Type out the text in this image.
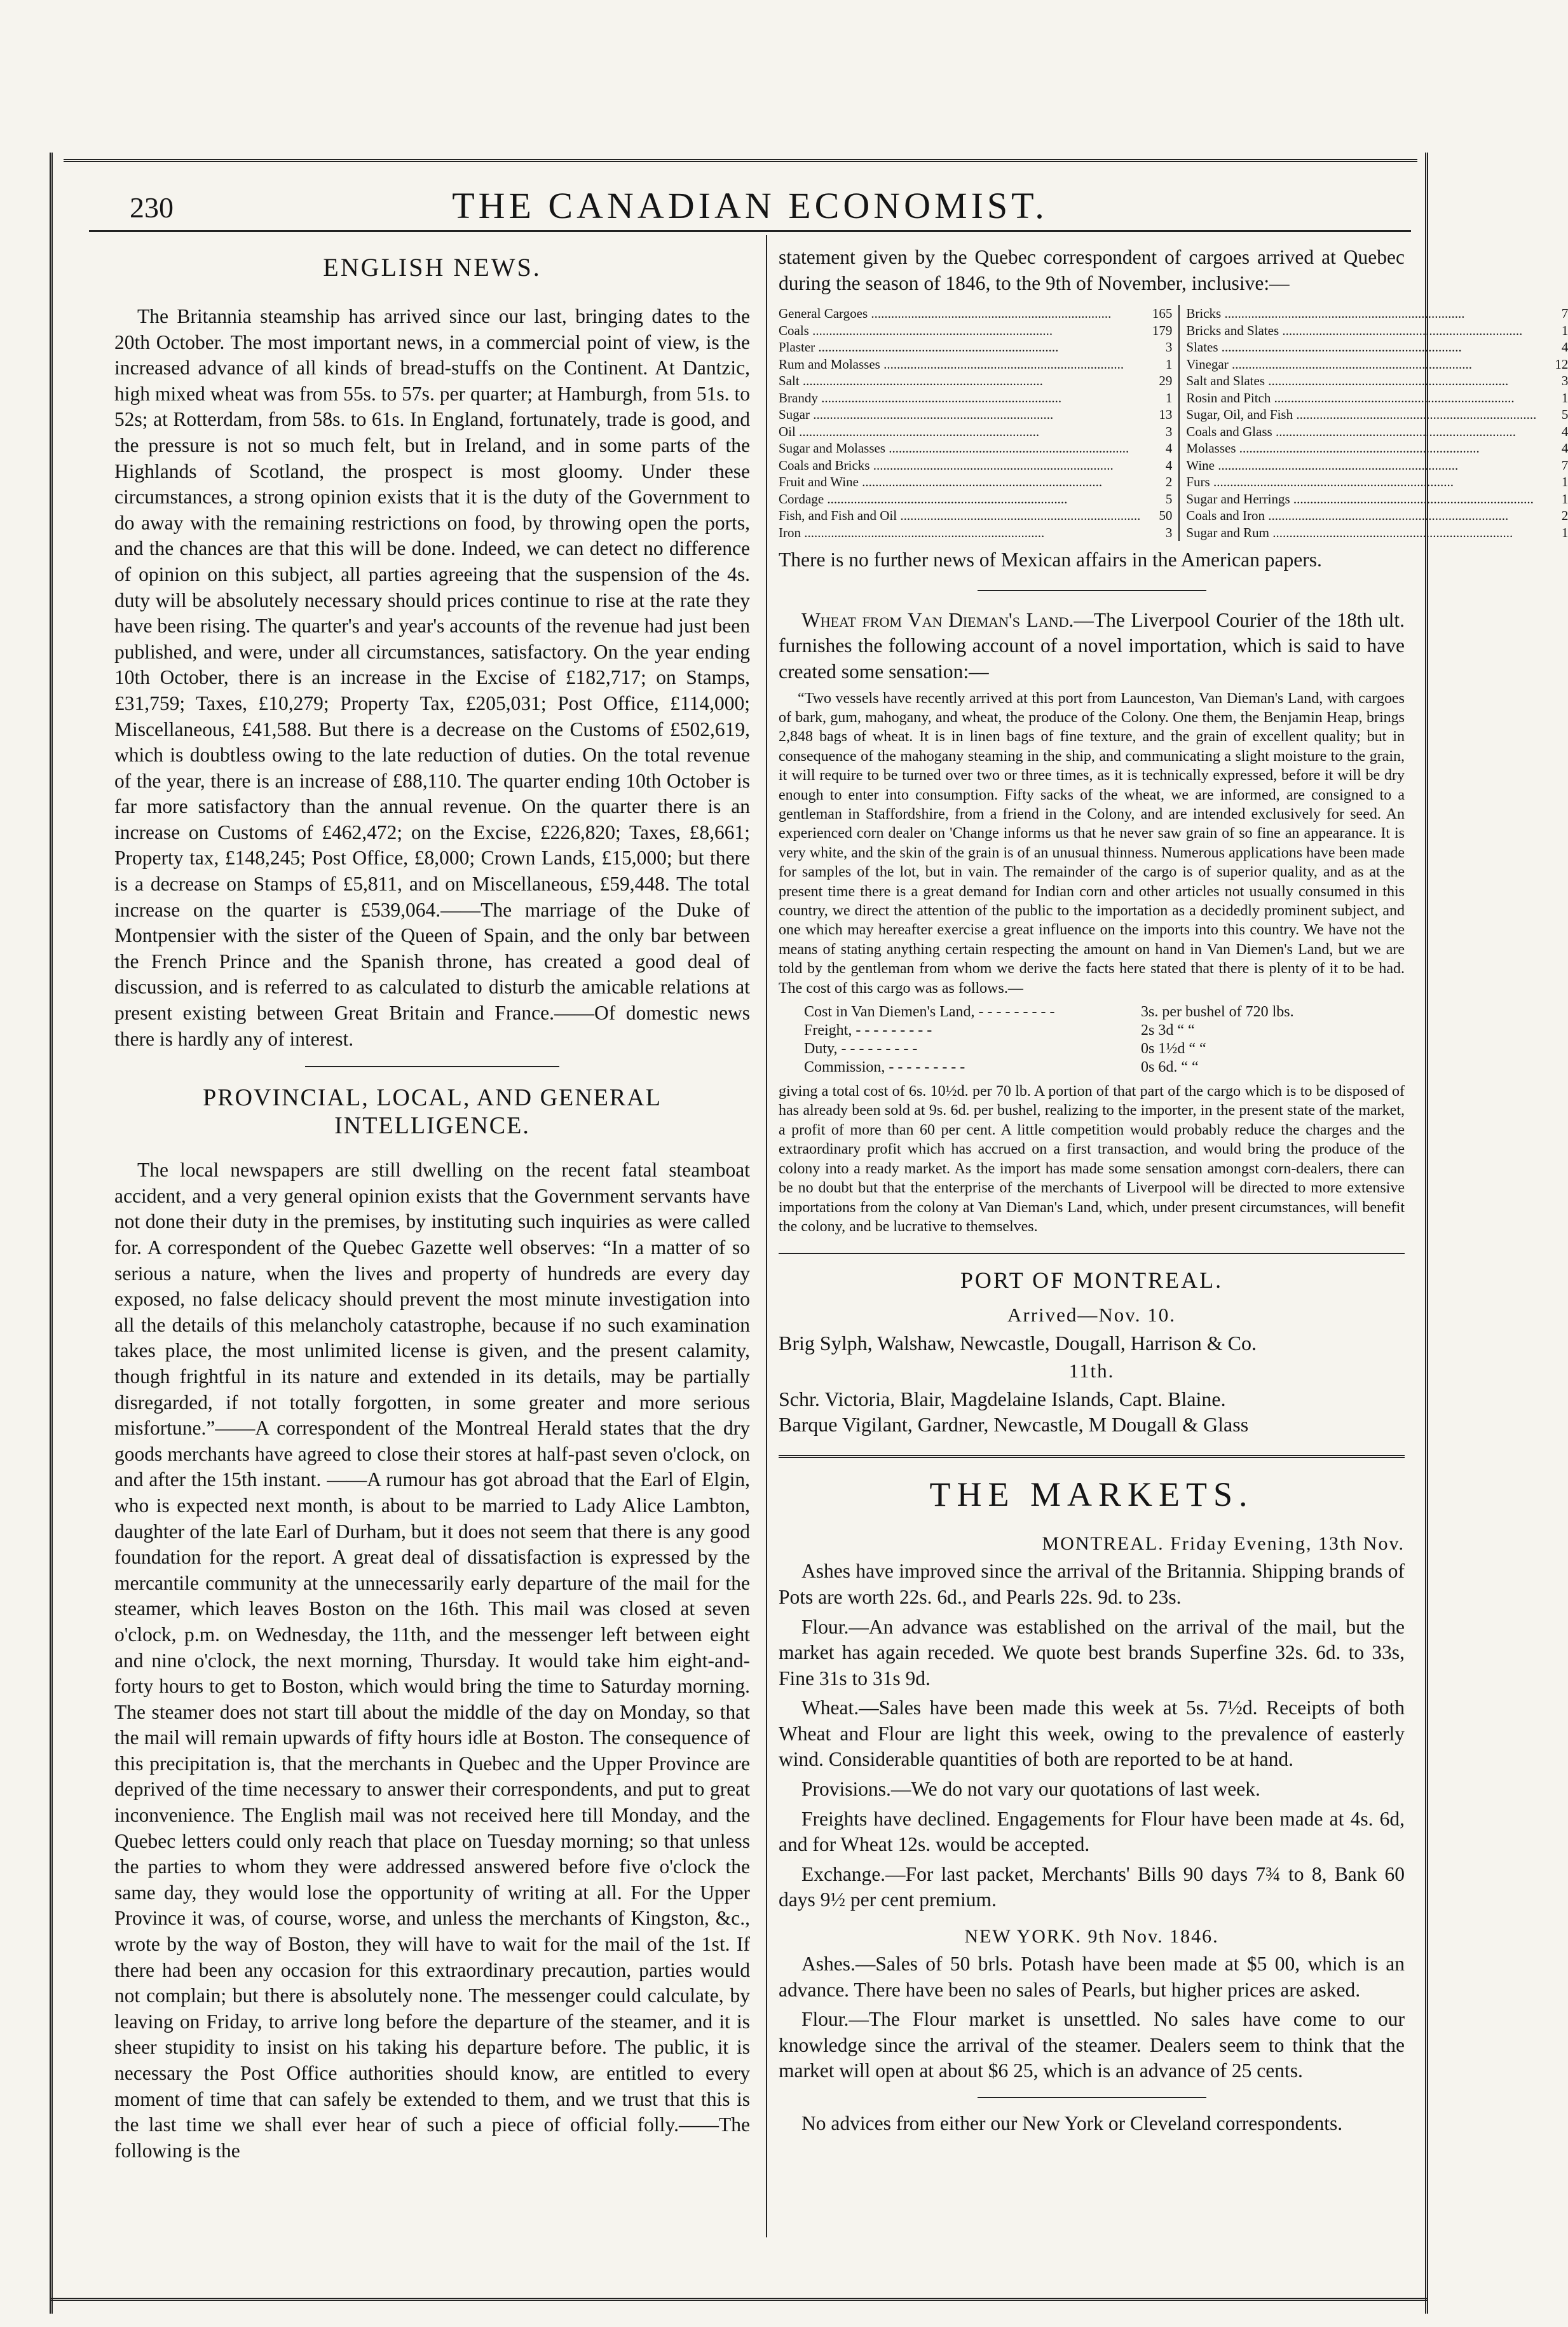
230	THE CANADIAN ECONOMIST.
ENGLISH NEWS.

The Britannia steamship has arrived since our last, bringing dates to the 20th October. The most important news, in a commercial point of view, is the increased advance of all kinds of bread-stuffs on the Continent. At Dantzic, high mixed wheat was from 55s. to 57s. per quarter; at Hamburgh, from 51s. to 52s; at Rotterdam, from 58s. to 61s. In England, fortunately, trade is good, and the pressure is not so much felt, but in Ireland, and in some parts of the Highlands of Scotland, the prospect is most gloomy. Under these circumstances, a strong opinion exists that it is the duty of the Government to do away with the remaining restrictions on food, by throwing open the ports, and the chances are that this will be done. Indeed, we can detect no difference of opinion on this subject, all parties agreeing that the suspension of the 4s. duty will be absolutely necessary should prices continue to rise at the rate they have been rising. The quarter's and year's accounts of the revenue had just been published, and were, under all circumstances, satisfactory. On the year ending 10th October, there is an increase in the Excise of £182,717; on Stamps, £31,759; Taxes, £10,279; Property Tax, £205,031; Post Office, £114,000; Miscellaneous, £41,588. But there is a decrease on the Customs of £502,619, which is doubtless owing to the late reduction of duties. On the total revenue of the year, there is an increase of £88,110. The quarter ending 10th October is far more satisfactory than the annual revenue. On the quarter there is an increase on Customs of £462,472; on the Excise, £226,820; Taxes, £8,661; Property tax, £148,245; Post Office, £8,000; Crown Lands, £15,000; but there is a decrease on Stamps of £5,811, and on Miscellaneous, £59,448. The total increase on the quarter is £539,064.——The marriage of the Duke of Montpensier with the sister of the Queen of Spain, and the only bar between the French Prince and the Spanish throne, has created a good deal of discussion, and is referred to as calculated to disturb the amicable relations at present existing between Great Britain and France.——Of domestic news there is hardly any of interest.

PROVINCIAL, LOCAL, AND GENERAL INTELLIGENCE.

The local newspapers are still dwelling on the recent fatal steamboat accident, and a very general opinion exists that the Government servants have not done their duty in the premises, by instituting such inquiries as were called for. A correspondent of the Quebec Gazette well observes: “In a matter of so serious a nature, when the lives and property of hundreds are every day exposed, no false delicacy should prevent the most minute investigation into all the details of this melancholy catastrophe, because if no such examination takes place, the most unlimited license is given, and the present calamity, though frightful in its nature and extended in its details, may be partially disregarded, if not totally forgotten, in some greater and more serious misfortune.”——A correspondent of the Montreal Herald states that the dry goods merchants have agreed to close their stores at half-past seven o'clock, on and after the 15th instant. ——A rumour has got abroad that the Earl of Elgin, who is expected next month, is about to be married to Lady Alice Lambton, daughter of the late Earl of Durham, but it does not seem that there is any good foundation for the report. A great deal of dissatisfaction is expressed by the mercantile community at the unnecessarily early departure of the mail for the steamer, which leaves Boston on the 16th. This mail was closed at seven o'clock, p.m. on Wednesday, the 11th, and the messenger left between eight and nine o'clock, the next morning, Thursday. It would take him eight-and-forty hours to get to Boston, which would bring the time to Saturday morning. The steamer does not start till about the middle of the day on Monday, so that the mail will remain upwards of fifty hours idle at Boston. The consequence of this precipitation is, that the merchants in Quebec and the Upper Province are deprived of the time necessary to answer their correspondents, and put to great inconvenience. The English mail was not received here till Monday, and the Quebec letters could only reach that place on Tuesday morning; so that unless the parties to whom they were addressed answered before five o'clock the same day, they would lose the opportunity of writing at all. For the Upper Province it was, of course, worse, and unless the merchants of Kingston, &c., wrote by the way of Boston, they will have to wait for the mail of the 1st. If there had been any occasion for this extraordinary precaution, parties would not complain; but there is absolutely none. The messenger could calculate, by leaving on Friday, to arrive long before the departure of the steamer, and it is sheer stupidity to insist on his taking his departure before. The public, it is necessary the Post Office authorities should know, are entitled to every moment of time that can safely be extended to them, and we trust that this is the last time we shall ever hear of such a piece of official folly.——The following is the

statement given by the Quebec correspondent of cargoes arrived at Quebec during the season of 1846, to the 9th of November, inclusive:—

General Cargoes .....	165
Coals .....	179
Plaster .....	3
Rum and Molasses .....	1
Salt .....	29
Brandy .....	1
Sugar .....	13
Oil .....	3
Sugar and Molasses .....	4
Coals and Bricks .....	4
Fruit and Wine .....	2
Cordage .....	5
Fish, and Fish and Oil .....	50
Iron .....	3
Bricks .....	7
Bricks and Slates .....	1
Slates .....	4
Vinegar .....	12
Salt and Slates .....	3
Rosin and Pitch .....	1
Sugar, Oil, and Fish .....	5
Coals and Glass .....	4
Molasses .....	4
Wine .....	7
Furs .....	1
Sugar and Herrings .....	1
Coals and Iron .....	2
Sugar and Rum .....	1

There is no further news of Mexican affairs in the American papers.

Wheat from Van Dieman's Land.—The Liverpool Courier of the 18th ult. furnishes the following account of a novel importation, which is said to have created some sensation:—

“Two vessels have recently arrived at this port from Launceston, Van Dieman's Land, with cargoes of bark, gum, mahogany, and wheat, the produce of the Colony. One them, the Benjamin Heap, brings 2,848 bags of wheat. It is in linen bags of fine texture, and the grain of excellent quality; but in consequence of the mahogany steaming in the ship, and communicating a slight moisture to the grain, it will require to be turned over two or three times, as it is technically expressed, before it will be dry enough to enter into consumption. Fifty sacks of the wheat, we are informed, are consigned to a gentleman in Staffordshire, from a friend in the Colony, and are intended exclusively for seed. An experienced corn dealer on 'Change informs us that he never saw grain of so fine an appearance. It is very white, and the skin of the grain is of an unusual thinness. Numerous applications have been made for samples of the lot, but in vain. The remainder of the cargo is of superior quality, and as at the present time there is a great demand for Indian corn and other articles not usually consumed in this country, we direct the attention of the public to the importation as a decidedly prominent subject, and one which may hereafter exercise a great influence on the imports into this country. We have not the means of stating anything certain respecting the amount on hand in Van Diemen's Land, but we are told by the gentleman from whom we derive the facts here stated that there is plenty of it to be had. The cost of this cargo was as follows.—

Cost in Van Diemen's Land, - -	3s. per bushel of 720 lbs.
Freight, - -	2s 3d “ “
Duty, - -	0s 1½d “ “
Commission, - -	0s 6d. “ “

giving a total cost of 6s. 10½d. per 70 lb. A portion of that part of the cargo which is to be disposed of has already been sold at 9s. 6d. per bushel, realizing to the importer, in the present state of the market, a profit of more than 60 per cent. A little competition would probably reduce the charges and the extraordinary profit which has accrued on a first transaction, and would bring the produce of the colony into a ready market. As the import has made some sensation amongst corn-dealers, there can be no doubt but that the enterprise of the merchants of Liverpool will be directed to more extensive importations from the colony at Van Dieman's Land, which, under present circumstances, will benefit the colony, and be lucrative to themselves.

PORT OF MONTREAL.
Arrived—Nov. 10.

Brig Sylph, Walshaw, Newcastle, Dougall, Harrison & Co.

11th.

Schr. Victoria, Blair, Magdelaine Islands, Capt. Blaine.

Barque Vigilant, Gardner, Newcastle, M Dougall & Glass

THE MARKETS.
MONTREAL. Friday Evening, 13th Nov.

Ashes have improved since the arrival of the Britannia. Shipping brands of Pots are worth 22s. 6d., and Pearls 22s. 9d. to 23s.

Flour.—An advance was established on the arrival of the mail, but the market has again receded. We quote best brands Superfine 32s. 6d. to 33s, Fine 31s to 31s 9d.

Wheat.—Sales have been made this week at 5s. 7½d. Receipts of both Wheat and Flour are light this week, owing to the prevalence of easterly wind. Considerable quantities of both are reported to be at hand.

Provisions.—We do not vary our quotations of last week.

Freights have declined. Engagements for Flour have been made at 4s. 6d, and for Wheat 12s. would be accepted.

Exchange.—For last packet, Merchants' Bills 90 days 7¾ to 8, Bank 60 days 9½ per cent premium.

NEW YORK. 9th Nov. 1846.

Ashes.—Sales of 50 brls. Potash have been made at $5 00, which is an advance. There have been no sales of Pearls, but higher prices are asked.

Flour.—The Flour market is unsettled. No sales have come to our knowledge since the arrival of the steamer. Dealers seem to think that the market will open at about $6 25, which is an advance of 25 cents.

No advices from either our New York or Cleveland correspondents.
